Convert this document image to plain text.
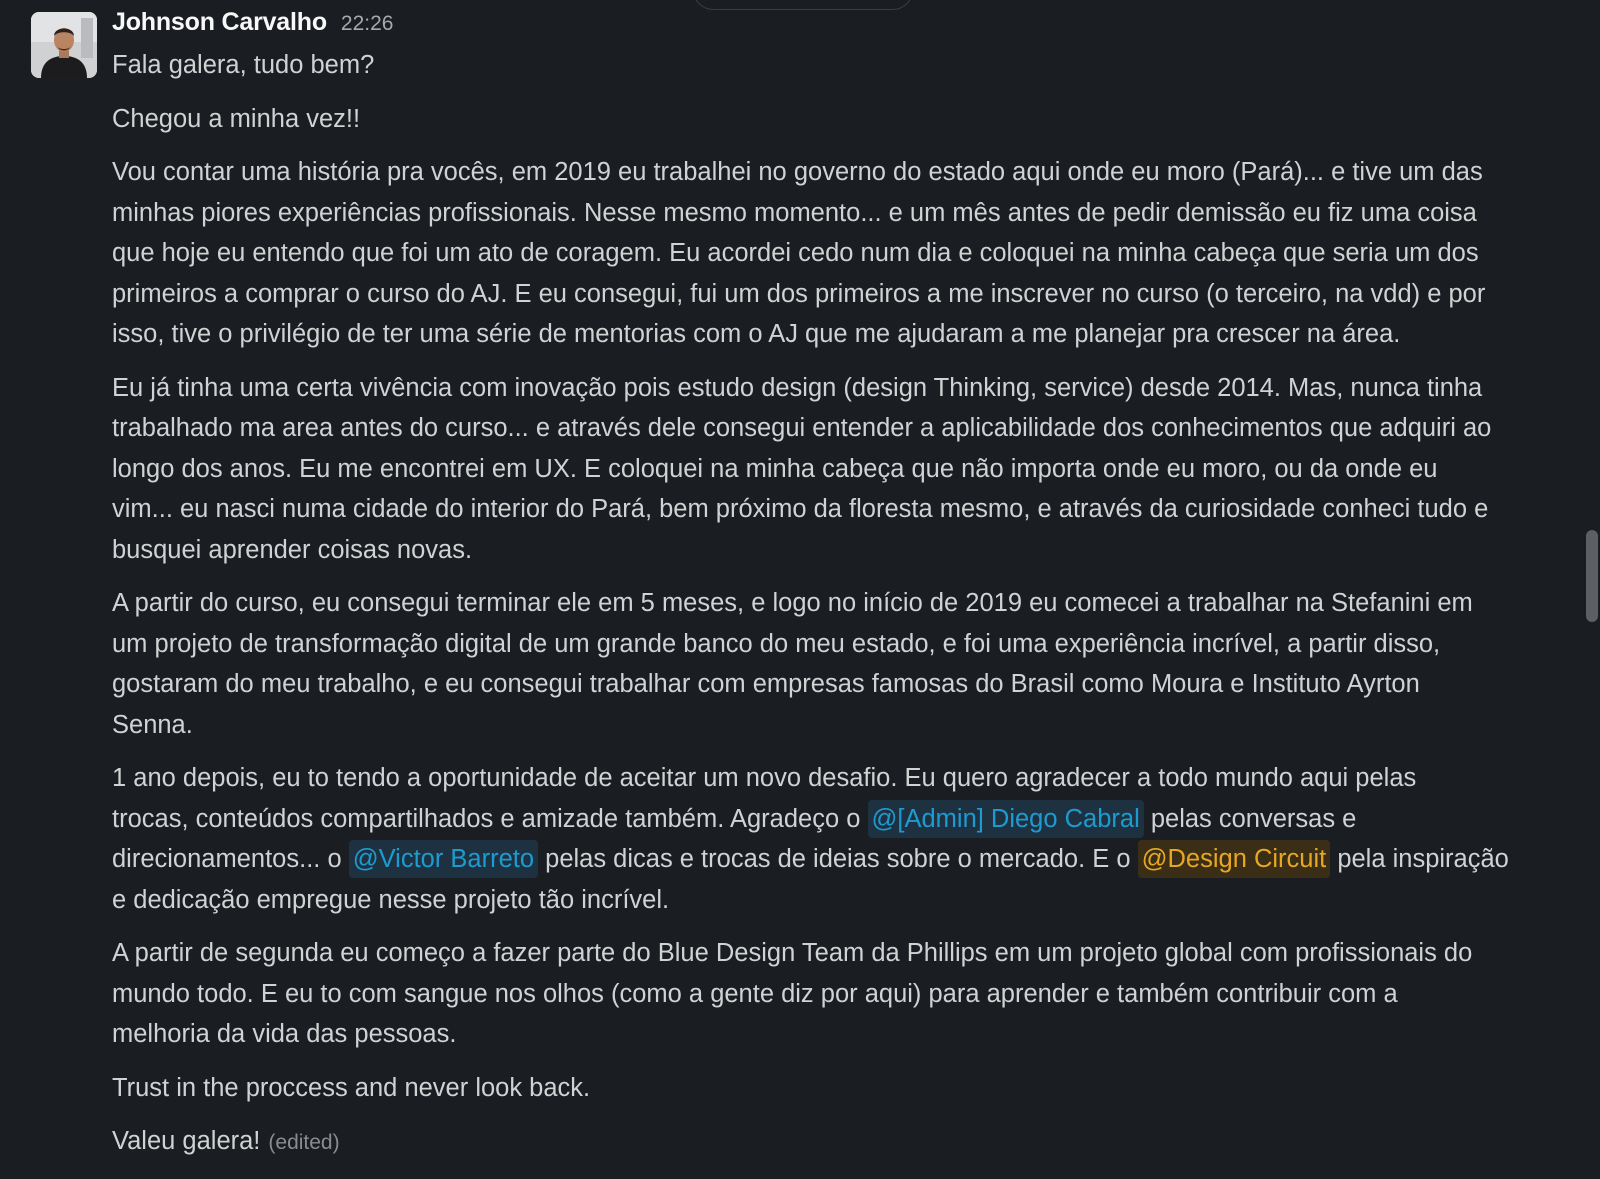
Johnson Carvalho 22:26

Fala galera, tudo bem?

Chegou a minha vez!!

Vou contar uma história pra vocês, em 2019 eu trabalhei no governo do estado aqui onde eu moro (Pará)... e tive um das
minhas piores experiências profissionais. Nesse mesmo momento... e um mês antes de pedir demissão eu fiz uma coisa
que hoje eu entendo que foi um ato de coragem. Eu acordei cedo num dia e coloquei na minha cabeça que seria um dos
primeiros a comprar o curso do AJ. E eu consegui, fui um dos primeiros a me inscrever no curso (o terceiro, na vdd) e por
isso, tive o privilégio de ter uma série de mentorias com o AJ que me ajudaram a me planejar pra crescer na área.

Eu já tinha uma certa vivência com inovação pois estudo design (design Thinking, service) desde 2014. Mas, nunca tinha
trabalhado ma area antes do curso... e através dele consegui entender a aplicabilidade dos conhecimentos que adquiri ao
longo dos anos. Eu me encontrei em UX. E coloquei na minha cabeça que não importa onde eu moro, ou da onde eu
vim... eu nasci numa cidade do interior do Pará, bem próximo da floresta mesmo, e através da curiosidade conheci tudo e
busquei aprender coisas novas.

A partir do curso, eu consegui terminar ele em 5 meses, e logo no início de 2019 eu comecei a trabalhar na Stefanini em
um projeto de transformação digital de um grande banco do meu estado, e foi uma experiência incrível, a partir disso,
gostaram do meu trabalho, e eu consegui trabalhar com empresas famosas do Brasil como Moura e Instituto Ayrton
Senna.

1 ano depois, eu to tendo a oportunidade de aceitar um novo desafio. Eu quero agradecer a todo mundo aqui pelas
trocas, conteúdos compartilhados e amizade também. Agradeço o @[Admin] Diego Cabral pelas conversas e
direcionamentos... o @Victor Barreto pelas dicas e trocas de ideias sobre o mercado. E o @Design Circuit pela inspiração
e dedicação empregue nesse projeto tão incrível.

A partir de segunda eu começo a fazer parte do Blue Design Team da Phillips em um projeto global com profissionais do
mundo todo. E eu to com sangue nos olhos (como a gente diz por aqui) para aprender e também contribuir com a
melhoria da vida das pessoas.

Trust in the proccess and never look back.

Valeu galera! (edited)
